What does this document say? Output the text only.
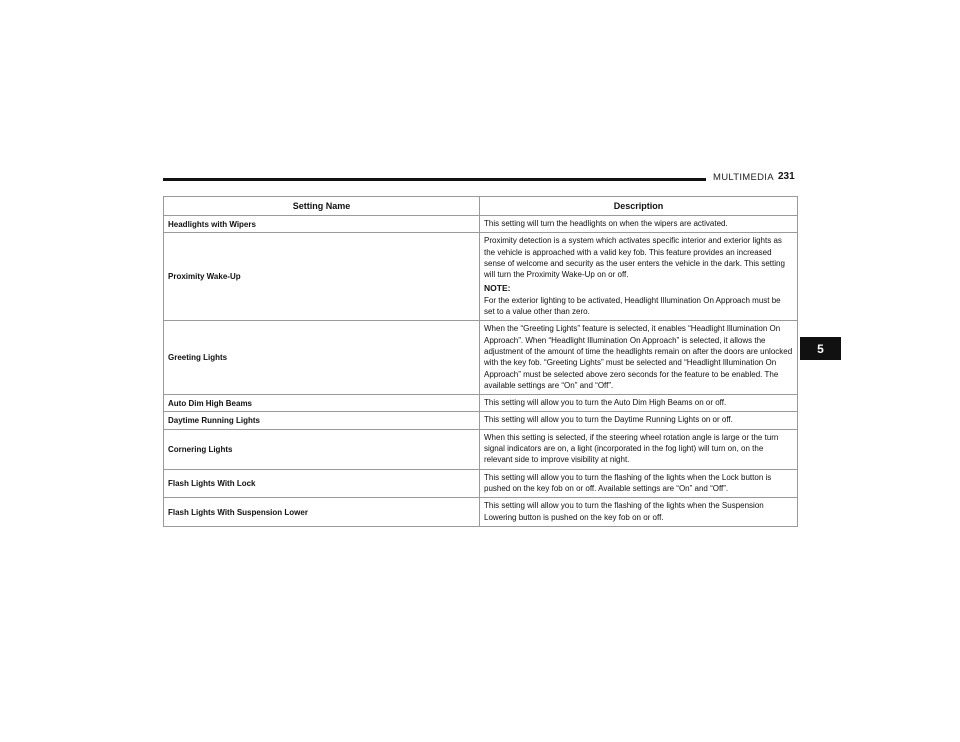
MULTIMEDIA 231
5
Setting Name	Description
Headlights with Wipers	This setting will turn the headlights on when the wipers are activated.

Proximity Wake-Up	Proximity detection is a system which activates specific interior and exterior lights as the vehicle is approached with a valid key fob. This feature provides an increased sense of welcome and security as the user enters the vehicle in the dark. This setting will turn the Proximity Wake-Up on or off.

NOTE:

For the exterior lighting to be activated, Headlight Illumination On Approach must be set to a value other than zero.

Greeting Lights	When the “Greeting Lights” feature is selected, it enables “Headlight Illumination On Approach”. When “Headlight Illumination On Approach” is selected, it allows the adjustment of the amount of time the headlights remain on after the doors are unlocked with the key fob. “Greeting Lights” must be selected and “Headlight Illumination On Approach” must be selected above zero seconds for the feature to be enabled. The available settings are “On” and “Off”.

Auto Dim High Beams	This setting will allow you to turn the Auto Dim High Beams on or off.

Daytime Running Lights	This setting will allow you to turn the Daytime Running Lights on or off.

Cornering Lights	When this setting is selected, if the steering wheel rotation angle is large or the turn signal indicators are on, a light (incorporated in the fog light) will turn on, on the relevant side to improve visibility at night.

Flash Lights With Lock	This setting will allow you to turn the flashing of the lights when the Lock button is pushed on the key fob on or off. Available settings are “On” and “Off”.

Flash Lights With Suspension Lower	This setting will allow you to turn the flashing of the lights when the Suspension Lowering button is pushed on the key fob on or off.
